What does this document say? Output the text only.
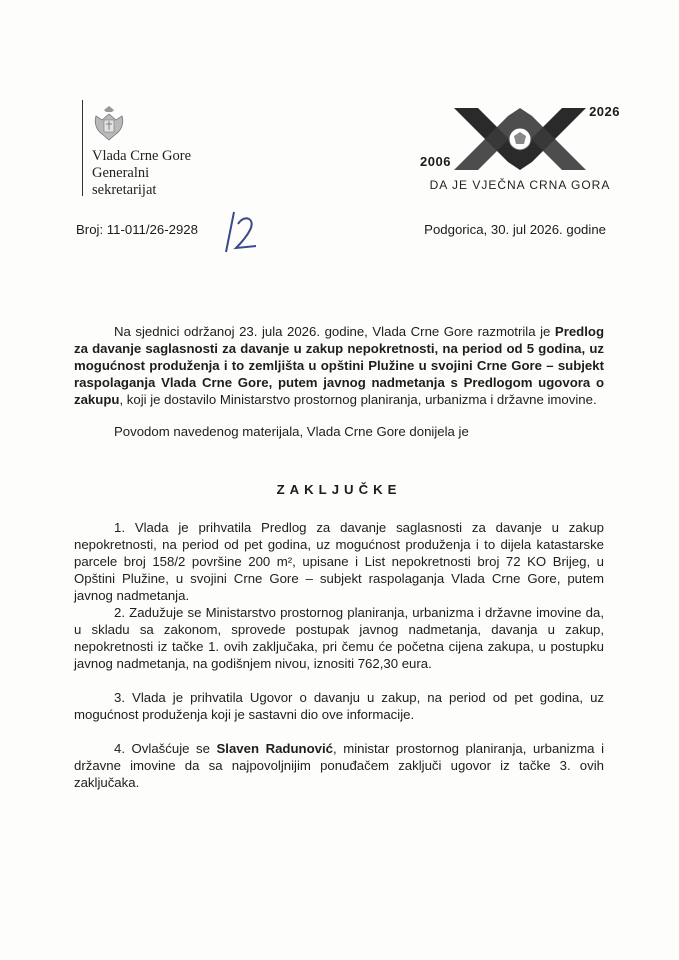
Vlada Crne Gore
Generalni
sekretarijat
2026
2006
DA JE VJEČNA CRNA GORA
Broj: 11-011/26-2928	Podgorica, 30. jul 2026. godine
Na sjednici održanoj 23. jula 2026. godine, Vlada Crne Gore razmotrila je Predlog za davanje saglasnosti za davanje u zakup nepokretnosti, na period od 5 godina, uz mogućnost produženja i to zemljišta u opštini Plužine u svojini Crne Gore – subjekt raspolaganja Vlada Crne Gore, putem javnog nadmetanja s Predlogom ugovora o zakupu, koji je dostavilo Ministarstvo prostornog planiranja, urbanizma i državne imovine.
Povodom navedenog materijala, Vlada Crne Gore donijela je
ZAKLJUČKE
1. Vlada je prihvatila Predlog za davanje saglasnosti za davanje u zakup nepokretnosti, na period od pet godina, uz mogućnost produženja i to dijela katastarske parcele broj 158/2 površine 200 m², upisane i List nepokretnosti broj 72 KO Brijeg, u Opštini Plužine, u svojini Crne Gore – subjekt raspolaganja Vlada Crne Gore, putem javnog nadmetanja.
2. Zadužuje se Ministarstvo prostornog planiranja, urbanizma i državne imovine da, u skladu sa zakonom, sprovede postupak javnog nadmetanja, davanja u zakup, nepokretnosti iz tačke 1. ovih zaključaka, pri čemu će početna cijena zakupa, u postupku javnog nadmetanja, na godišnjem nivou, iznositi 762,30 eura.
3. Vlada je prihvatila Ugovor o davanju u zakup, na period od pet godina, uz mogućnost produženja koji je sastavni dio ove informacije.
4. Ovlašćuje se Slaven Radunović, ministar prostornog planiranja, urbanizma i državne imovine da sa najpovoljnijim ponuđačem zaključi ugovor iz tačke 3. ovih zaključaka.
